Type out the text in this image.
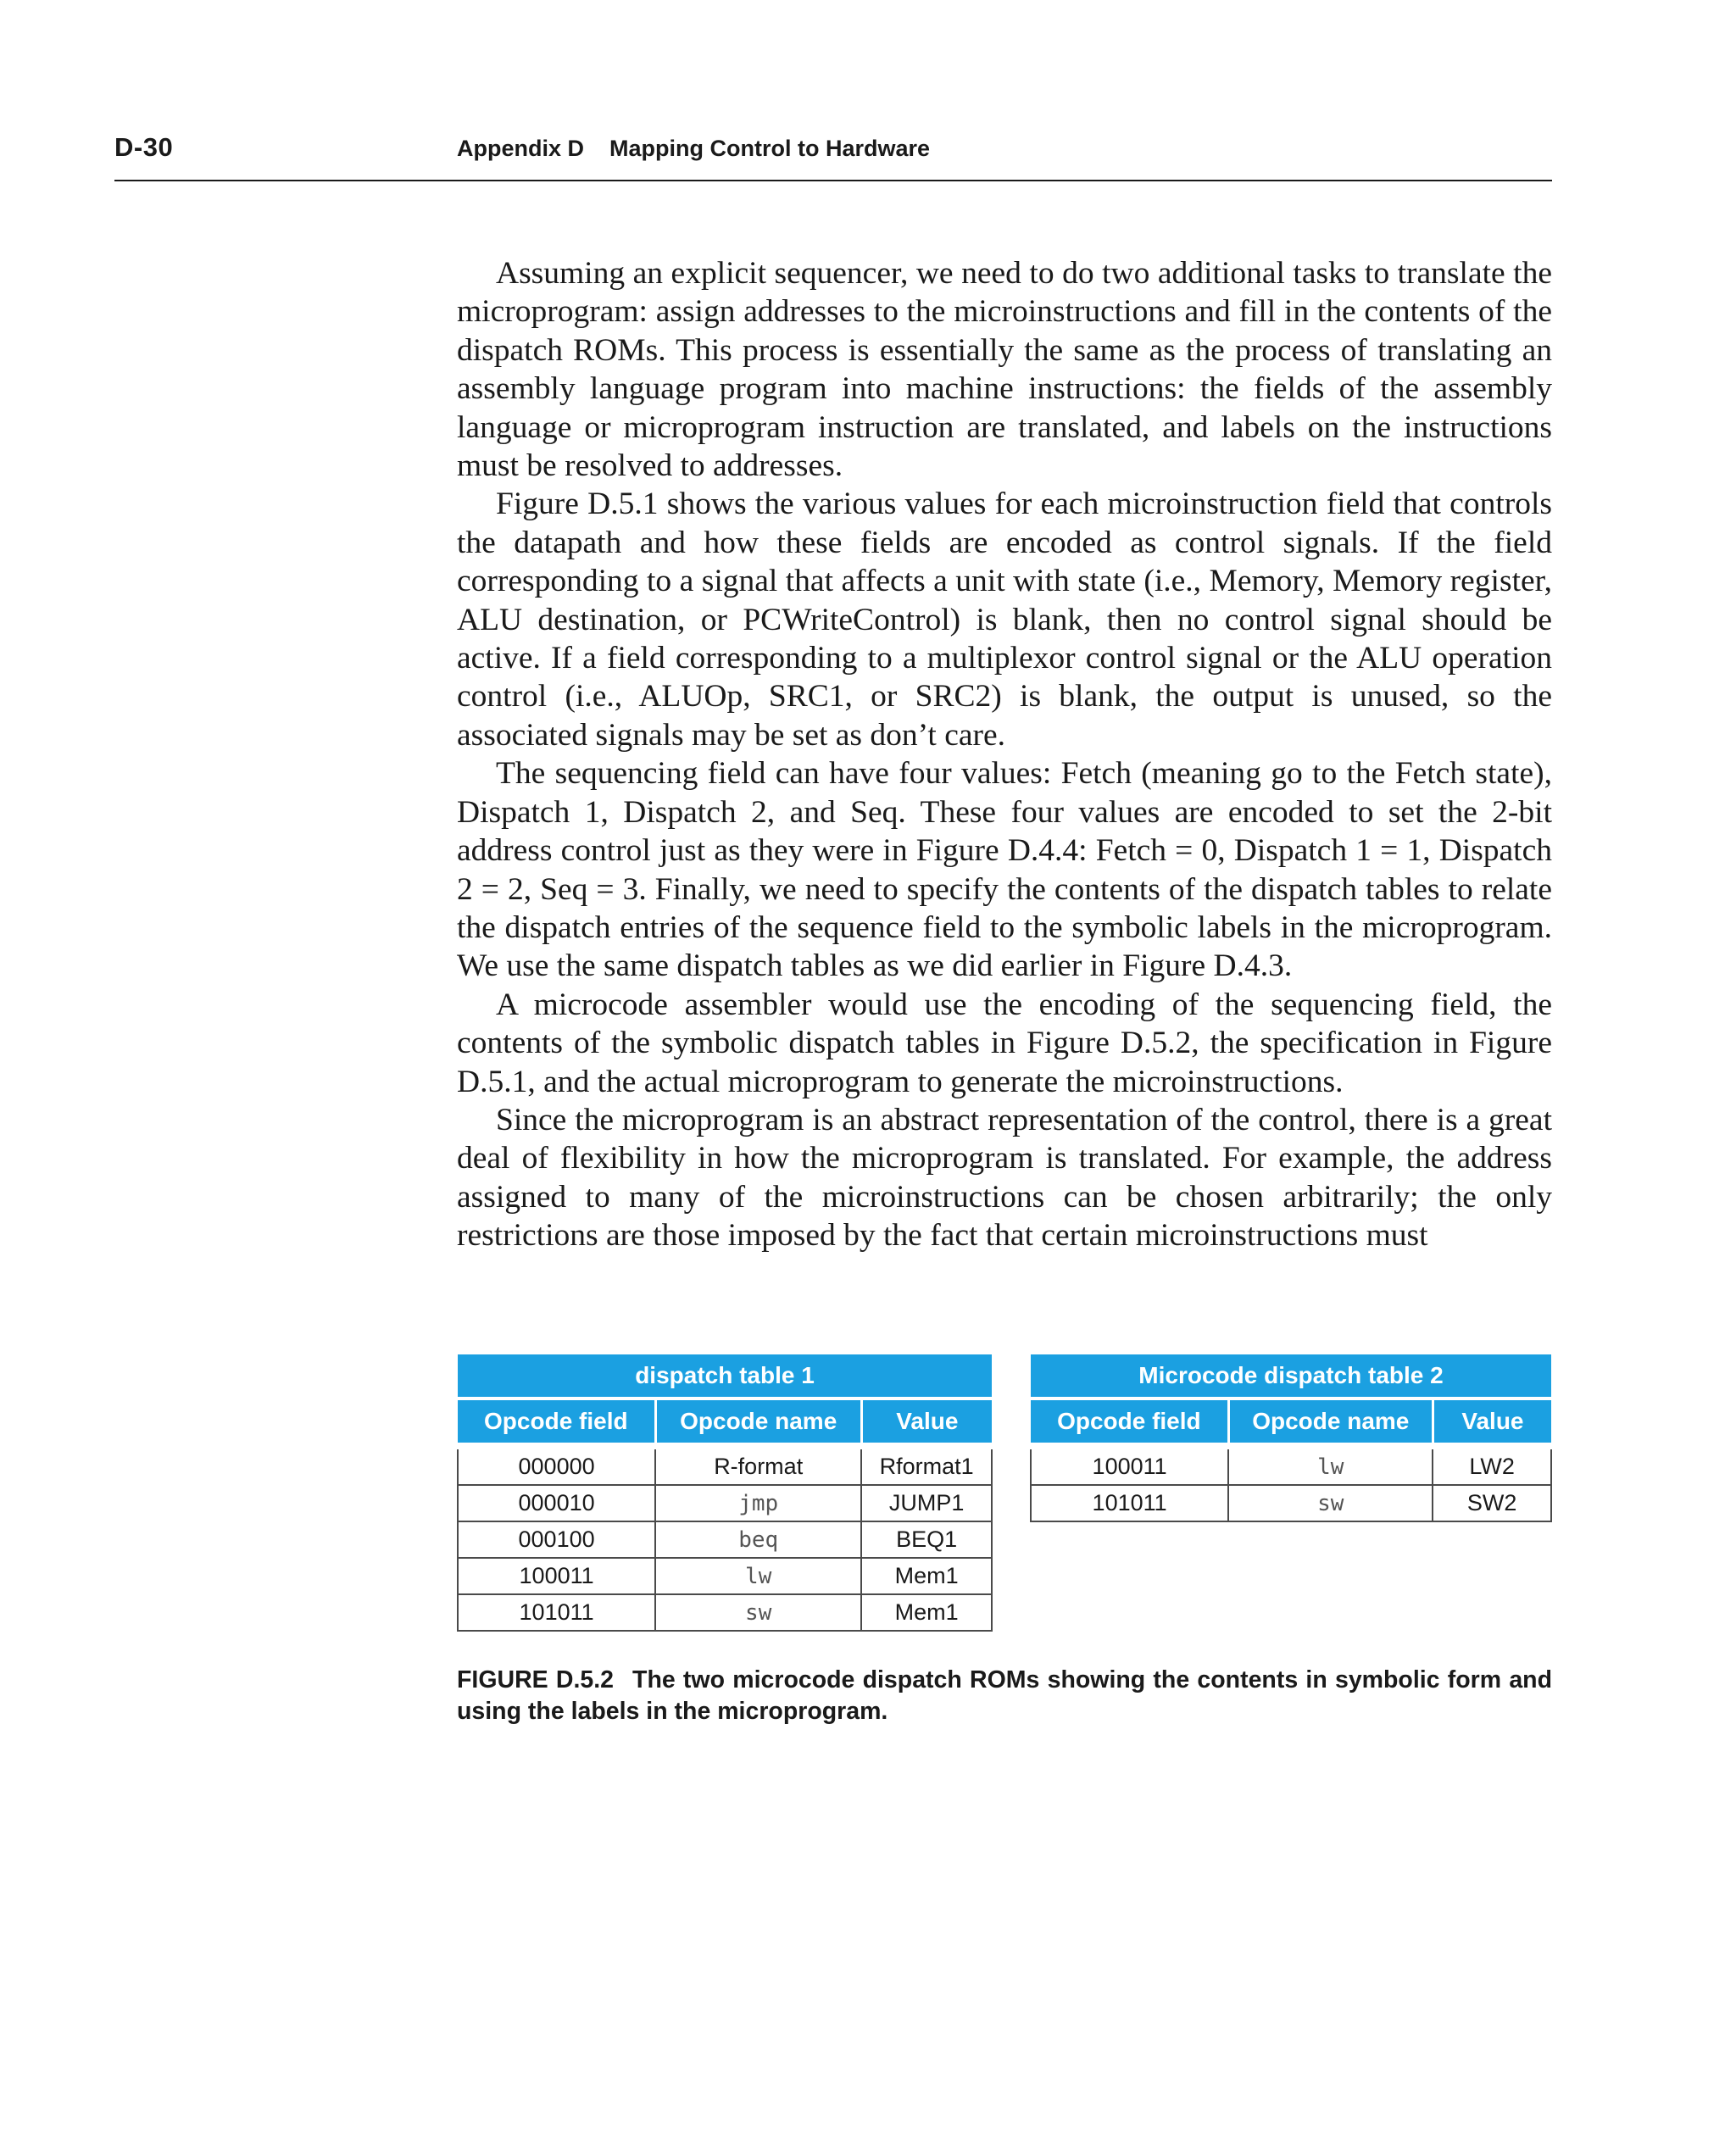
D-30	Appendix D Mapping Control to Hardware

Assuming an explicit sequencer, we need to do two additional tasks to translate the microprogram: assign addresses to the microinstructions and fill in the contents of the dispatch ROMs. This process is essentially the same as the process of translating an assembly language program into machine instructions: the fields of the assembly language or microprogram instruction are translated, and labels on the instructions must be resolved to addresses.

Figure D.5.1 shows the various values for each microinstruction field that controls the datapath and how these fields are encoded as control signals. If the field corresponding to a signal that affects a unit with state (i.e., Memory, Memory register, ALU destination, or PCWriteControl) is blank, then no control signal should be active. If a field corresponding to a multiplexor control signal or the ALU operation control (i.e., ALUOp, SRC1, or SRC2) is blank, the output is unused, so the associated signals may be set as don’t care.

The sequencing field can have four values: Fetch (meaning go to the Fetch state), Dispatch 1, Dispatch 2, and Seq. These four values are encoded to set the 2-bit address control just as they were in Figure D.4.4: Fetch = 0, Dispatch 1 = 1, Dispatch 2 = 2, Seq = 3. Finally, we need to specify the contents of the dispatch tables to relate the dispatch entries of the sequence field to the symbolic labels in the microprogram. We use the same dispatch tables as we did earlier in Figure D.4.3.

A microcode assembler would use the encoding of the sequencing field, the contents of the symbolic dispatch tables in Figure D.5.2, the specification in Figure D.5.1, and the actual microprogram to generate the microinstructions.

Since the microprogram is an abstract representation of the control, there is a great deal of flexibility in how the microprogram is translated. For example, the address assigned to many of the microinstructions can be chosen arbitrarily; the only restrictions are those imposed by the fact that certain microinstructions must

dispatch table 1		
Opcode field	Opcode name	Value
000000	R-format	Rformat1
000010	jmp	JUMP1
000100	beq	BEQ1
100011	lw	Mem1
101011	sw	Mem1
Microcode dispatch table 2		
Opcode field	Opcode name	Value
100011	lw	LW2
101011	sw	SW2
FIGURE D.5.2 The two microcode dispatch ROMs showing the contents in symbolic form and using the labels in the microprogram.
